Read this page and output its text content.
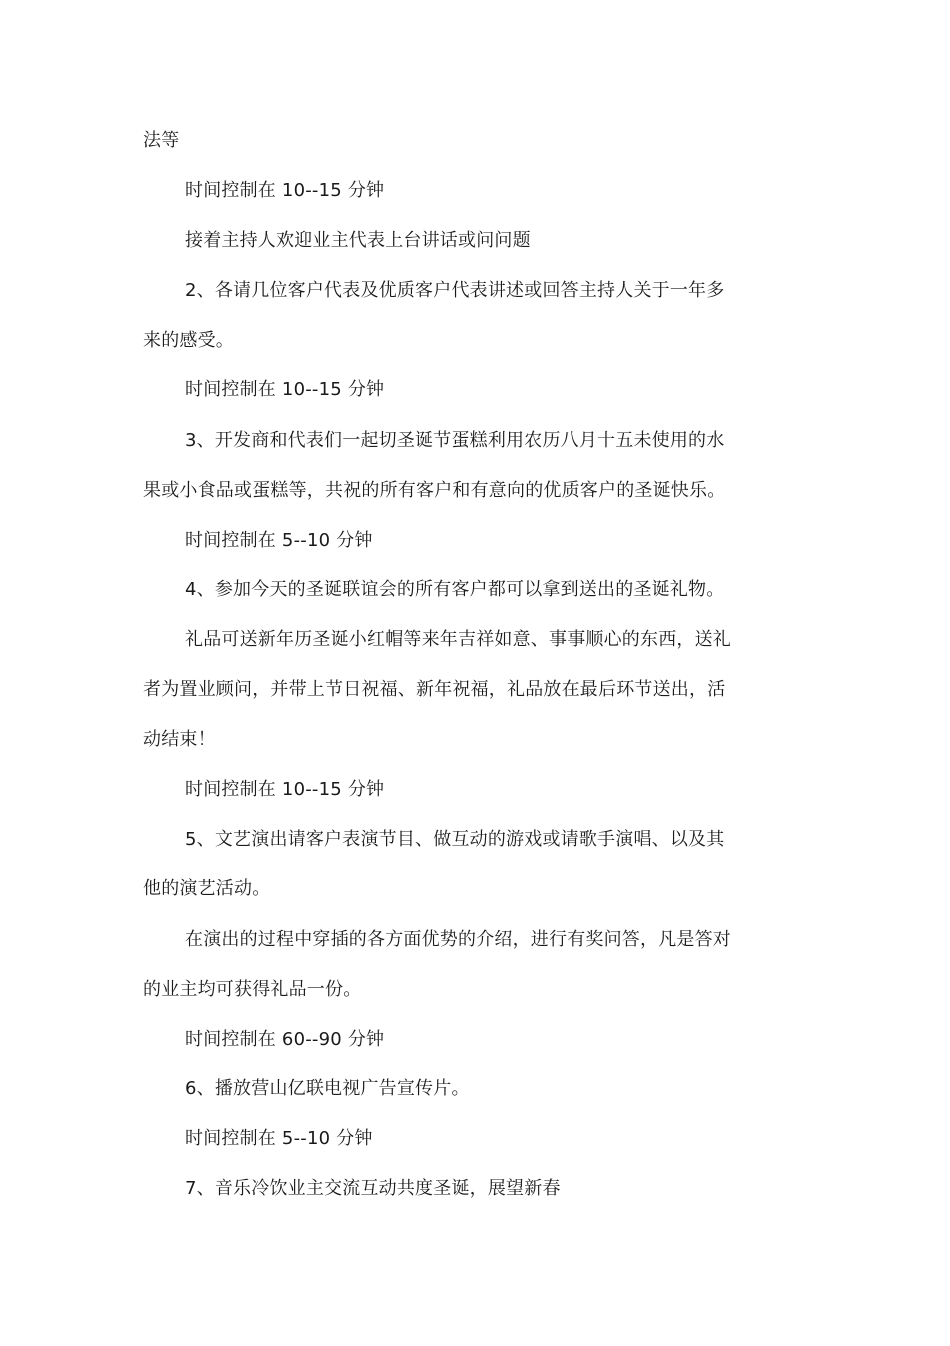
法等
时间控制在 10--15 分钟
接着主持人欢迎业主代表上台讲话或问问题
2、各请几位客户代表及优质客户代表讲述或回答主持人关于一年多
来的感受。
时间控制在 10--15 分钟
3、开发商和代表们一起切圣诞节蛋糕利用农历八月十五未使用的水
果或小食品或蛋糕等，共祝的所有客户和有意向的优质客户的圣诞快乐。
时间控制在 5--10 分钟
4、参加今天的圣诞联谊会的所有客户都可以拿到送出的圣诞礼物。
礼品可送新年历圣诞小红帽等来年吉祥如意、事事顺心的东西，送礼
者为置业顾问，并带上节日祝福、新年祝福，礼品放在最后环节送出，活
动结束！
时间控制在 10--15 分钟
5、文艺演出请客户表演节目、做互动的游戏或请歌手演唱、以及其
他的演艺活动。
在演出的过程中穿插的各方面优势的介绍，进行有奖问答，凡是答对
的业主均可获得礼品一份。
时间控制在 60--90 分钟
6、播放营山亿联电视广告宣传片。
时间控制在 5--10 分钟
7、音乐冷饮业主交流互动共度圣诞，展望新春
